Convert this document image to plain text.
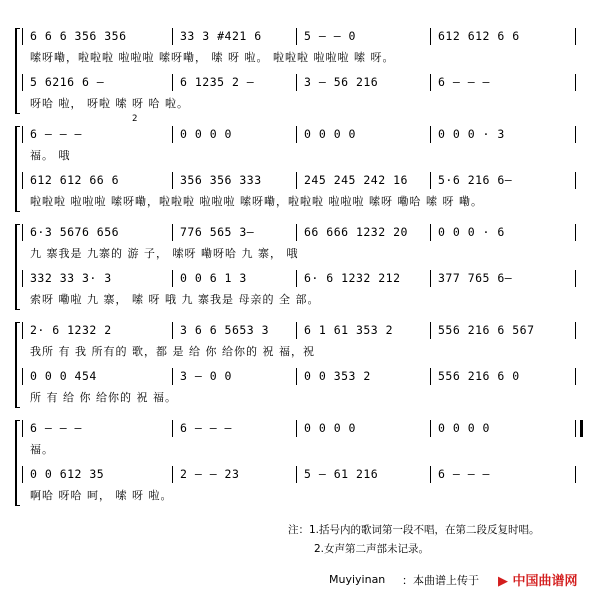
6 6 6 356 356	33 3 #421 6	5 – – 0	612 612 6 6
嗦呀嘞，啦啦啦 啦啦啦 嗦呀嘞， 嗦 呀 啦。 啦啦啦 啦啦啦 嗦 呀。
5 6216 6 –	6 1235 2 –	3 – 56 216	6 – – –
呀哈 啦， 呀啦 嗦 呀 哈 啦。
6 – – –	0 0 0 0	0 0 0 0	0 0 0 · 3
福。 哦
612 612 66 6	356 356 333	245 245 242 16	5·6 216 6–
啦啦啦 啦啦啦 嗦呀嘞，啦啦啦 啦啦啦 嗦呀嘞，啦啦啦 啦啦啦 嗦呀 嘞哈 嗦 呀 嘞。
6·3 5676 656	776 565 3–	66 666 1232 20	0 0 0 · 6
九 寨我是 九寨的 游 子， 嗦呀 嘞呀哈 九 寨， 哦
332 33 3· 3	0 0 6 1 3	6· 6 1232 212	377 765 6–
索呀 嘞啦 九 寨， 嗦 呀 哦 九 寨我是 母亲的 全 部。
2· 6 1232 2	3 6 6 5653 3	6 1 61 353 2	556 216 6 567
我所 有 我 所有的 歌，都 是 给 你 给你的 祝 福，祝
0 0 0 454	3 – 0 0	0 0 353 2	556 216 6 0
所 有 给 你 给你的 祝 福。
6 – – –	6 – – –	0 0 0 0	0 0 0 0
福。
0 0 612 35	2 – – 23	5 – 61 216	6 – – –
啊哈 呀哈 呵， 嗦 呀 啦。
2
注：1.括号内的歌词第一段不唱，在第二段反复时唱。
2.女声第二声部未记录。
Muyiyinan ：本曲谱上传于 ▶ 中国曲谱网
